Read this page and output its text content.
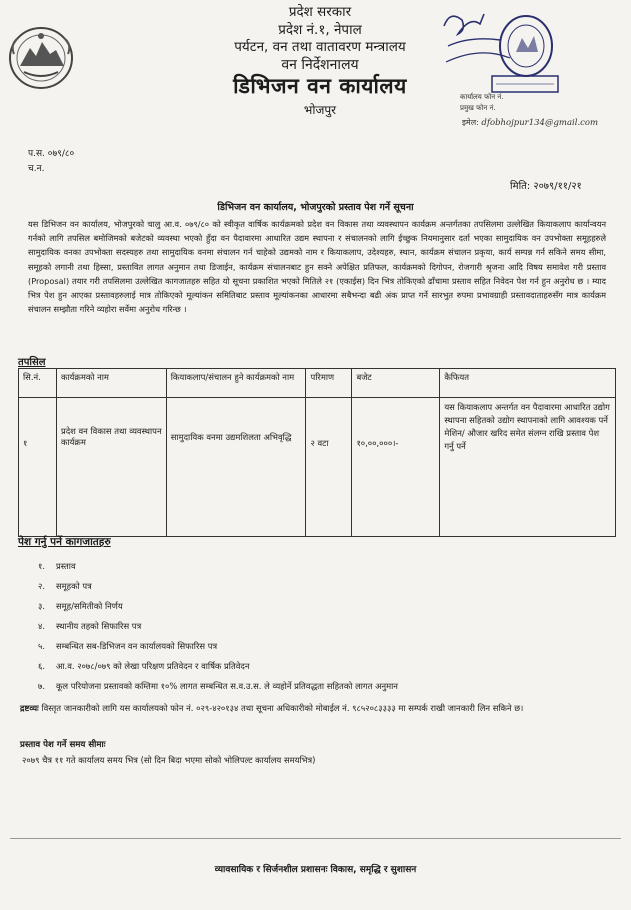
प्रदेश सरकार
प्रदेश नं.१, नेपाल
पर्यटन, वन तथा वातावरण मन्त्रालय
वन निर्देशनालय
डिभिजन वन कार्यालय
भोजपुर
कार्यालय फोन नं.
प्रमुख फोन नं.
इमेल: dfobhojpur134@gmail.com
प.स. ०७९/८०
च.न.
मिति: २०७९/११/२१
डिभिजन वन कार्यालय, भोजपुरको प्रस्ताव पेश गर्ने सूचना
यस डिभिजन वन कार्यालय, भोजपुरको चालु आ.व. ०७९/८० को स्वीकृत वार्षिक कार्यक्रमको प्रदेश वन विकास तथा व्यवस्थापन कार्यक्रम अन्तर्गतका तपसिलमा उल्लेखित कियाकलाप कार्यान्वयन गर्नको लागि तपसिल बमोजिमको बजेटको व्यवस्था भएको हुँदा वन पैदावारमा आधारित उद्यम स्थापना र संचालनको लागि ईच्छुक नियमानुसार दर्ता भएका सामुदायिक वन उपभोक्ता समूहहरुले सामुदायिक वनका उपभोक्ता सदस्यहरु तथा सामुदायिक वनमा संचालन गर्न चाहेको उद्यमको नाम र कियाकलाप, उदेश्यहरु, स्थान, कार्यक्रम संचालन प्रकृया, कार्य सम्पन्न गर्न सकिने समय सीमा, समूहको लगानी तथा हिस्सा, प्रस्तावित लागत अनुमान तथा डिजाईन, कार्यक्रम संचालनबाट हुन सक्ने अपेक्षित प्रतिफल, कार्यक्रमको दिगोपन, रोजगारी श्रृजना आदि विषय समावेश गरी प्रस्ताव (Proposal) तयार गरी तपसिलमा उल्लेखित कागजातहरु सहित यो सूचना प्रकाशित भएको मितिले २१ (एकाईस) दिन भित्र तोकिएको ढाँचामा प्रस्ताव सहित निवेदन पेश गर्न हुन अनुरोध छ । म्याद भित्र पेश हुन आएका प्रस्तावहरुलाई मात्र तोकिएको मूल्यांकन समितिबाट प्रस्ताव मूल्यांकनका आधारमा सबैभन्दा बढी अंक प्राप्त गर्ने सारभुत रुपमा प्रभावग्राही प्रस्तावदाताहरुसँग मात्र कार्यक्रम संचालन सम्झौता गरिने व्यहोरा सर्वेमा अनुरोध गरिन्छ ।
तपसिल
सि.नं.	कार्यक्रमको नाम	कियाकलाप/संचालन हुने कार्यक्रमको नाम	परिमाण	बजेट	कैफियत
१	प्रदेश वन विकास तथा व्यवस्थापन कार्यक्रम	सामुदायिक वनमा उद्यमशिलता अभिवृद्धि	२ वटा	१०,००,०००।-	यस कियाकलाप अन्तर्गत वन पैदावारमा आधारित उद्योग स्थापना सहितको उद्योग स्थापनाको लागि आवश्यक पर्ने मेशिन/ औजार खरिद समेत संलग्न राखि प्रस्ताव पेश गर्नु पर्ने
पेश गर्नु पर्ने कागजातहरु
१. प्रस्ताव
२. समूहको पत्र
३. समूह/समितीको निर्णय
४. स्थानीय तहको सिफारिस पत्र
५. सम्बन्धित सब-डिभिजन वन कार्यालयको सिफारिस पत्र
६. आ.व. २०७८/०७९ को लेखा परिक्षण प्रतिवेदन र वार्षिक प्रतिवेदन
७. कूल परियोजना प्रस्तावको कम्तिमा १०% लागत सम्बन्धित स.व.उ.स. ले व्यहोर्ने प्रतिवद्धता सहितको लागत अनुमान
द्रष्टव्यः विस्तृत जानकारीको लागि यस कार्यालयको फोन नं. ०२९-४२०१३४ तथा सूचना अधिकारीको मोबाईल नं. ९८५२०८३३३३ मा सम्पर्क राखी जानकारी लिन सकिने छ।
प्रस्ताव पेश गर्ने समय सीमाः
२०७९ चैत्र ११ गते कार्यालय समय भित्र (सो दिन बिदा भएमा सोको भोलिपल्ट कार्यालय समयभित्र)
व्यावसायिक र सिर्जनशील प्रशासनः विकास, समृद्धि र सुशासन
